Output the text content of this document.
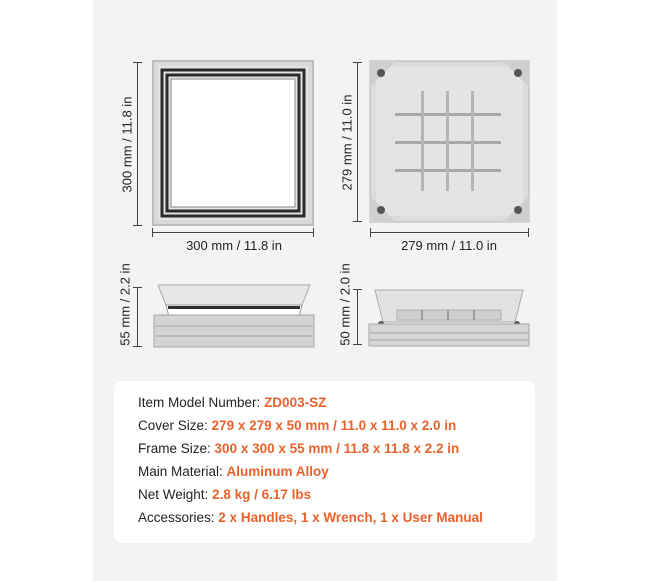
300 mm / 11.8 in
300 mm / 11.8 in
279 mm / 11.0 in
279 mm / 11.0 in
55 mm / 2.2 in	50 mm / 2.0 in
Item Model Number: ZD003-SZ
Cover Size: 279 x 279 x 50 mm / 11.0 x 11.0 x 2.0 in
Frame Size: 300 x 300 x 55 mm / 11.8 x 11.8 x 2.2 in
Main Material: Aluminum Alloy
Net Weight: 2.8 kg / 6.17 lbs
Accessories: 2 x Handles, 1 x Wrench, 1 x User Manual
